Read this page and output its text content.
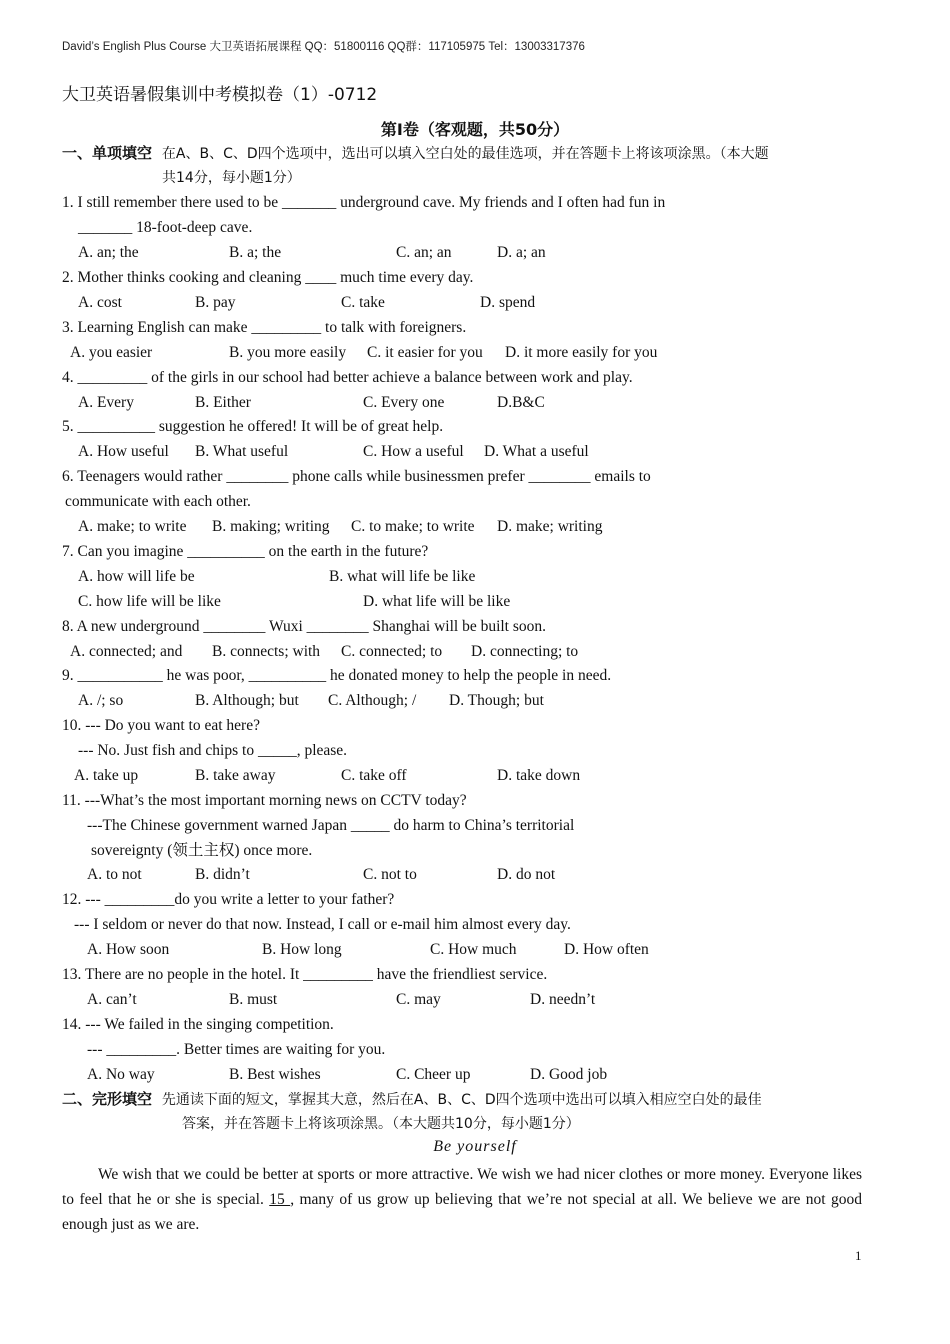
David’s English Plus Course 大卫英语拓展课程 QQ：51800116 QQ群：117105975 Tel：13003317376
大卫英语暑假集训中考模拟卷（1）-0712
第Ⅰ卷（客观题，共50分）
一、单项填空 在A、B、C、D四个选项中，选出可以填入空白处的最佳选项，并在答题卡上将该项涂黑。（本大题
共14分，每小题1分）
1. I still remember there used to be _______ underground cave. My friends and I often had fun in
_______ 18-foot-deep cave.
A. an; the	B. a; the	C. an; an	D. a; an
2. Mother thinks cooking and cleaning ____ much time every day.
A. cost	B. pay	C. take	D. spend
3. Learning English can make _________ to talk with foreigners.
A. you easier	B. you more easily C. it easier for you D. it more easily for you
4. _________ of the girls in our school had better achieve a balance between work and play.
A. Every	B. Either	C. Every one	D.B&C
5. __________ suggestion he offered! It will be of great help.
A. How useful B. What useful	C. How a useful D. What a useful
6. Teenagers would rather ________ phone calls while businessmen prefer ________ emails to
communicate with each other.
A. make; to write B. making; writing C. to make; to write D. make; writing
7. Can you imagine __________ on the earth in the future?
A. how will life be	B. what will life be like
C. how life will be like	D. what life will be like
8. A new underground ________ Wuxi ________ Shanghai will be built soon.
A. connected; and B. connects; with C. connected; to D. connecting; to
9. ___________ he was poor, __________ he donated money to help the people in need.
A. /; so	B. Although; but C. Although; / D. Though; but
10. --- Do you want to eat here?
--- No. Just fish and chips to _____, please.
A. take up	B. take away	C. take off	D. take down
11. ---What’s the most important morning news on CCTV today?
---The Chinese government warned Japan _____ do harm to China’s territorial
sovereignty (领土主权) once more.
A. to not	B. didn’t	C. not to	D. do not
12. --- _________do you write a letter to your father?
--- I seldom or never do that now. Instead, I call or e-mail him almost every day.
A. How soon	B. How long	C. How much	D. How often
13. There are no people in the hotel. It _________ have the friendliest service.
A. can’t	B. must	C. may	D. needn’t
14. --- We failed in the singing competition.
--- _________. Better times are waiting for you.
A. No way	B. Best wishes	C. Cheer up	D. Good job
二、完形填空 先通读下面的短文，掌握其大意，然后在A、B、C、D四个选项中选出可以填入相应空白处的最佳
答案，并在答题卡上将该项涂黑。（本大题共10分，每小题1分）
Be yourself
We wish that we could be better at sports or more attractive. We wish we had nicer clothes or more money. Everyone likes to feel that he or she is special. 15 , many of us grow up believing that we’re not special at all. We believe we are not good enough just as we are.
1
